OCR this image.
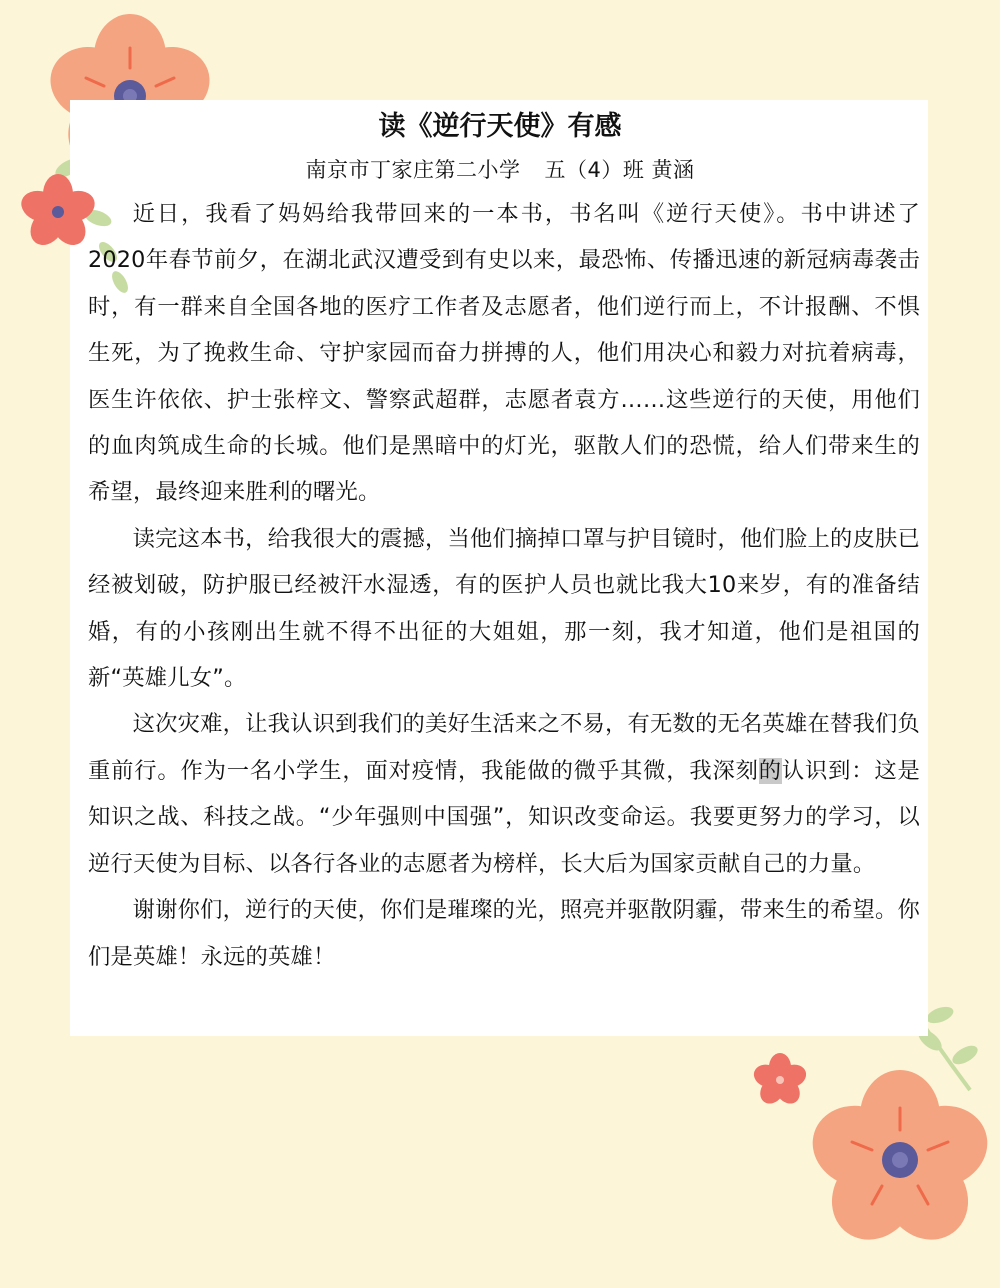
读《逆行天使》有感

南京市丁家庄第二小学 五（4）班 黄涵

近日，我看了妈妈给我带回来的一本书，书名叫《逆行天使》。书中讲述了2020年春节前夕，在湖北武汉遭受到有史以来，最恐怖、传播迅速的新冠病毒袭击时，有一群来自全国各地的医疗工作者及志愿者，他们逆行而上，不计报酬、不惧生死，为了挽救生命、守护家园而奋力拼搏的人，他们用决心和毅力对抗着病毒，医生许依依、护士张梓文、警察武超群，志愿者袁方……这些逆行的天使，用他们的血肉筑成生命的长城。他们是黑暗中的灯光，驱散人们的恐慌，给人们带来生的希望，最终迎来胜利的曙光。

读完这本书，给我很大的震撼，当他们摘掉口罩与护目镜时，他们脸上的皮肤已经被划破，防护服已经被汗水湿透，有的医护人员也就比我大10来岁，有的准备结婚，有的小孩刚出生就不得不出征的大姐姐，那一刻，我才知道，他们是祖国的新“英雄儿女”。

这次灾难，让我认识到我们的美好生活来之不易，有无数的无名英雄在替我们负重前行。作为一名小学生，面对疫情，我能做的微乎其微，我深刻的认识到：这是知识之战、科技之战。“少年强则中国强”，知识改变命运。我要更努力的学习，以逆行天使为目标、以各行各业的志愿者为榜样，长大后为国家贡献自己的力量。

谢谢你们，逆行的天使，你们是璀璨的光，照亮并驱散阴霾，带来生的希望。你们是英雄！永远的英雄！
